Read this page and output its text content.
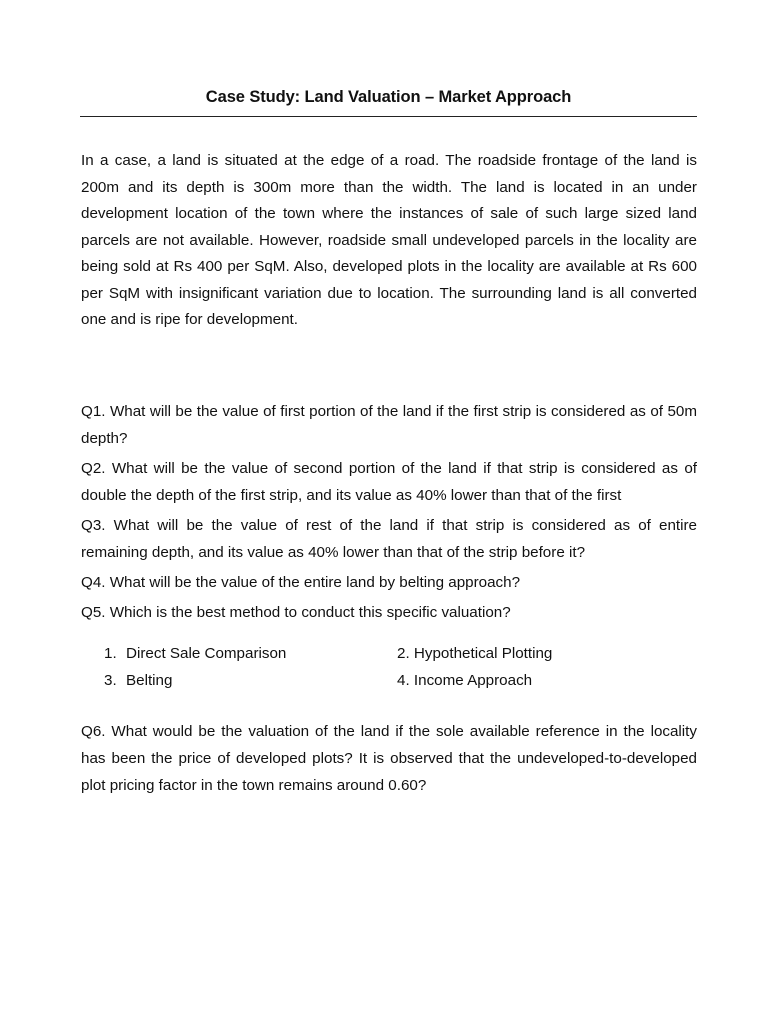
Case Study: Land Valuation – Market Approach

In a case, a land is situated at the edge of a road. The roadside frontage of the land is 200m and its depth is 300m more than the width. The land is located in an under development location of the town where the instances of sale of such large sized land parcels are not available. However, roadside small undeveloped parcels in the locality are being sold at Rs 400 per SqM. Also, developed plots in the locality are available at Rs 600 per SqM with insignificant variation due to location. The surrounding land is all converted one and is ripe for development.

Q1. What will be the value of first portion of the land if the first strip is considered as of 50m depth?

Q2. What will be the value of second portion of the land if that strip is considered as of double the depth of the first strip, and its value as 40% lower than that of the first

Q3. What will be the value of rest of the land if that strip is considered as of entire remaining depth, and its value as 40% lower than that of the strip before it?

Q4. What will be the value of the entire land by belting approach?

Q5. Which is the best method to conduct this specific valuation?

1. Direct Sale Comparison	2. Hypothetical Plotting
3. Belting	4. Income Approach

Q6. What would be the valuation of the land if the sole available reference in the locality has been the price of developed plots? It is observed that the undeveloped-to-developed plot pricing factor in the town remains around 0.60?
